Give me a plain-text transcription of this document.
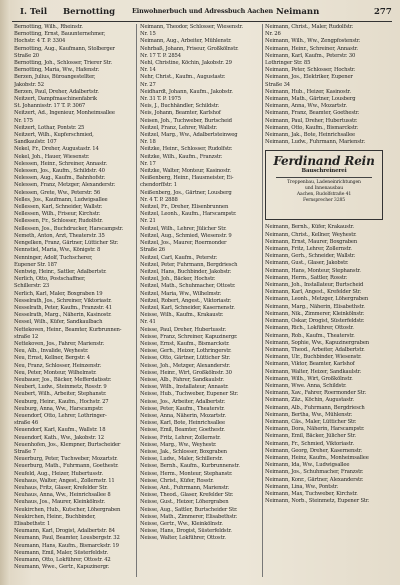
I. Teil Bernotting	Einwohnerbuch und Adressbuch Aachen Neimann	277
Bernotting, Wilh., Rheinstr.
Bernotting, Ernst, Bauunternehmer,
Hochstr. 4 T. P. 3304
Bernotting, Aug., Kaufmann, Stolberger
Straße 20
Bernotting, Joh., Schlosser, Trierer Str.
Bernotting, Maria, Ww., Hafenstr.
Berzen, Julius, Büroangestellter,
Jakobstr. 52
Berzen, Paul, Dreher, Adalbertstr.
Neitzert, Dampfmaschinenfabrik
St. Johannisstr. 17 T. P. 3067
Neitzert, Ad., Ingenieur, Monheimsallee
Nr. 175
Neitzert, Lothar, Pontstr. 25
Neitzert, Wilh., Kupferschmied,
Sandkaulstr. 107
Nekel, Fr., Dreher, Augustastr. 14
Nekel, Joh., Hauer, Wiesenstr.
Nelessen, Heinr., Schreiner, Annastr.
Nelessen, Jos., Kaufm., Schildstr. 40
Nelessen, Aug., Kaufm., Bahnhofstr.
Nelessen, Franz, Metzger, Alexanderstr.
Nelessen, Grete, Ww., Peterstr. 56
Nelles, Jos., Kaufmann, Ludwigsallee
Nellessen, Karl, Schneider, Wallstr.
Nellessen, Wilh., Friseur, Kirchstr.
Nellessen, Fr., Schlosser, Rudolfstr.
Nellessen, Jos., Buchdrucker, Harscampstr.
Nemeth, Anton, Arzt, Theaterstr. 35
Nengelken, Franz, Gärtner, Lütticher Str.
Nennstiel, Maria, Ww., Königstr. 8
Nenninger, Adolf, Tuchscherer,
Eupener Str. 187
Nentwig, Heinr., Sattler, Adalbertstr.
Nerlich, Otto, Postschaffner,
Schillerstr. 23
Nerlich, Karl, Maler, Boxgraben 19
Nesselrath, Jos., Schreiner, Viktoriastr.
Nesselrath, Peter, Kaufm., Franzstr. 41
Nesselrath, Marg., Näherin, Kasinostr.
Nessel, Wilh., Küfer, Sandkaulbach
Nettekoven, Heinr., Beamter, Kurbrunnen-
straße 12
Nettekoven, Jos., Fahrer, Marienstr.
Neu, Alb., Invalide, Weyhestr.
Neu, Ernst, Kellner, Bergstr. 4
Neu, Franz, Schlosser, Heinzenstr.
Neu, Peter, Monteur, Wilhelmstr.
Neubauer, Jos., Bäcker, Mefferdatisstr.
Neubert, Ludw., Steinmetz, Rosstr. 9
Neubert, Wilh., Arbeiter, Stephanstr.
Neuburg, Heinr., Kaufm., Hochstr. 27
Neuburg, Anna, Ww., Harscampstr.
Neuendorf, Otto, Lehrer, Lothringer-
straße 46
Neuendorf, Karl, Kaufm., Wallstr. 18
Neuendorf, Kath., Ww., Jakobstr. 12
Neuenhofen, Jos., Klempner, Burtscheider
Straße 7
Neuerburg, Peter, Tuchweber, Mozartstr.
Neuerburg, Math., Fuhrmann, Goethestr.
Neufeld, Aug., Heizer, Hubertusstr.
Neuhaus, Walter, Angest., Zollernstr. 11
Neuhaus, Fritz, Glaser, Krefelder Str.
Neuhaus, Anna, Ww., Heinrichsallee 8
Neuhaus, Jos., Maurer, Kleinkölnstr.
Neukirchen, Hub., Kutscher, Löhergraben
Neukirchen, Heinr., Buchbinder,
Elisabethstr. 1
Neumann, Karl, Drogist, Adalbertstr. 84
Neumann, Paul, Beamter, Lousbergstr. 32
Neumann, Hans, Kaufm., Bismarckstr. 19
Neumann, Emil, Maler, Süsterfeldstr.
Neumann, Otto, Lokführer, Ottostr. 42
Neumann, Wwe., Gertr., Kapuzinergr.
Neimann, Theodor, Schlosser, Wiesenstr.
Nr. 15
Neimann, Aug., Arbeiter, Mühlenstr.
Nehrbaß, Johann, Friseur, Großkölnstr.
Nr. 17 T. P. 2854
Nehl, Christine, Köchin, Jakobstr. 29
Nr. 14
Nehr, Christ., Kaufm., Augustastr.
Nr. 27
Neidhardt, Johann, Kaufm., Jakobstr.
Nr. 31 T. P. 1975
Neis, J., Buchhändler, Schildstr.
Neis, Johann, Beamter, Karlshof
Neisen, Joh., Tuchweber, Burtscheid
Neitzel, Franz, Lehrer, Wallstr.
Neitzel, Marg., Ww., Adalbertsteinweg
Nr. 18
Neitzke, Heinr., Schlosser, Rudolfstr.
Neitzke, Wilh., Kaufm., Franzstr.
Nr. 17
Neitzke, Walter, Monteur, Kasinostr.
Neißenberg, Heinr., Hausmeister, Ei-
chendorffstr. 1
Neißenberg, Jos., Gärtner, Lousberg
Nr. 4 T. P. 2888
Neitzel, Fr., Dreher, Elisenbrunnen
Neitzel, Leonh., Kaufm., Harscampstr.
Nr. 21
Neitzel, Wilh., Lehrer, Jülicher Str.
Neitzel, Aug., Schmied, Wiesenstr. 9
Neitzel, Jos., Maurer, Roermonder
Straße 26
Neitzel, Carl, Kaufm., Peterstr.
Neitzel, Peter, Fuhrmann, Bergdriesch
Neitzel, Hans, Buchbinder, Jakobstr.
Neitzel, Joh., Bäcker, Hochstr.
Neitzel, Math., Schuhmacher, Ottostr.
Neitzel, Maria, Ww., Wilhelmstr.
Neitzel, Robert, Angest., Viktoriastr.
Neitzel, Karl, Schneider, Kasernenstr.
Neisse, Wilh., Kaufm., Krakaustr.
Nr. 41
Neisse, Paul, Dreher, Hubertusstr.
Neisse, Franz, Schreiner, Kapuzinergr.
Neisse, Ernst, Kaufm., Bismarckstr.
Neisse, Gerh., Heizer, Lothringerstr.
Neisse, Otto, Gärtner, Lütticher Str.
Neisse, Joh., Metzger, Alexanderstr.
Neisse, Heinr., Wirt, Großkölnstr. 30
Neisse, Alb., Fahrer, Sandkaulstr.
Neisse, Wilh., Installateur, Annastr.
Neisse, Hub., Tuchweber, Eupener Str.
Neisse, Jos., Arbeiter, Adalbertstr.
Neisse, Peter, Kaufm., Theaterstr.
Neisse, Anna, Näherin, Mozartstr.
Neisse, Karl, Bote, Heinrichsallee
Neisse, Emil, Beamter, Goethestr.
Neisse, Fritz, Lehrer, Zollernstr.
Neisse, Marg., Ww., Weyhestr.
Neisse, Jak., Schlosser, Boxgraben
Neisse, Ludw., Maler, Schillerstr.
Neisse, Bernh., Kaufm., Kurbrunnenstr.
Neisse, Herm., Monteur, Stephanstr.
Neisse, Christ., Küfer, Rosstr.
Neisse, Ant., Fuhrmann, Marienstr.
Neisse, Theod., Glaser, Krefelder Str.
Neisse, Gust., Heizer, Löhergraben
Neisse, Aug., Sattler, Burtscheider Str.
Neisse, Math., Zimmerer, Elisabethstr.
Neisse, Gertr., Ww., Kleinkölnstr.
Neisse, Hans, Drogist, Süsterfeldstr.
Neisse, Walter, Lokführer, Ottostr.
Neimann, Christ., Maler, Rudolfstr.
Nr. 26
Neimann, Wilh., Ww., Zengpfostenstr.
Neimann, Heinr., Schreiner, Annastr.
Neimann, Karl, Kaufm., Peterstr. 30
Lothringer Str. 85
Neimann, Peter, Schlosser, Hochstr.
Neimann, Jos., Elektriker, Eupener
Straße 34
Neimann, Hub., Heizer, Kasinostr.
Neimann, Math., Gärtner, Lousberg
Neimann, Anna, Ww., Mozartstr.
Neimann, Franz, Beamter, Goethestr.
Neimann, Paul, Dreher, Hubertusstr.
Neimann, Otto, Kaufm., Bismarckstr.
Neimann, Jak., Bote, Heinrichsallee
Neimann, Ludw., Fuhrmann, Marienstr.
Ferdinand Rein
Bauschreinerei
Treppenbau, Ladeneinrichtungen
und Innenausbau
Aachen, Rudolfstraße 41
Fernsprecher 3285
Neimann, Bernh., Küfer, Krakaustr.
Neimann, Christ., Kellner, Weyhestr.
Neimann, Ernst, Maurer, Boxgraben
Neimann, Fritz, Lehrer, Zollernstr.
Neimann, Gerh., Schneider, Wallstr.
Neimann, Gust., Glaser, Jakobstr.
Neimann, Hans, Monteur, Stephanstr.
Neimann, Herm., Sattler, Rosstr.
Neimann, Joh., Installateur, Burtscheid
Neimann, Karl, Angest., Krefelder Str.
Neimann, Leonh., Metzger, Löhergraben
Neimann, Marg., Näherin, Elisabethstr.
Neimann, Nik., Zimmerer, Kleinkölnstr.
Neimann, Oskar, Drogist, Süsterfeldstr.
Neimann, Rich., Lokführer, Ottostr.
Neimann, Rob., Kaufm., Theaterstr.
Neimann, Sophie, Ww., Kapuzinergraben
Neimann, Theod., Arbeiter, Adalbertstr.
Neimann, Ulr., Buchbinder, Wiesenstr.
Neimann, Viktor, Beamter, Karlshof
Neimann, Walter, Heizer, Sandkaulstr.
Neimann, Wilh., Wirt, Großkölnstr.
Neimann, Wwe. Anna, Schildstr.
Neimann, Xav., Fahrer, Roermonder Str.
Neimann, Zäz., Köchin, Augustastr.
Neimann, Alb., Fuhrmann, Bergdriesch
Neimann, Bertha, Ww., Mühlenstr.
Neimann, Cäs., Maler, Lütticher Str.
Neimann, Dora, Näherin, Harscampstr.
Neimann, Emil, Bäcker, Jülicher Str.
Neimann, Fr., Schmied, Viktoriastr.
Neimann, Georg, Dreher, Kasernenstr.
Neimann, Heinz, Kaufm., Monheimsallee
Neimann, Ida, Ww., Ludwigsallee
Neimann, Jos., Schuhmacher, Franzstr.
Neimann, Konr., Gärtner, Alexanderstr.
Neimann, Lina, Ww., Pontstr.
Neimann, Max, Tuchweber, Kirchstr.
Neimann, Norb., Steinmetz, Eupener Str.
